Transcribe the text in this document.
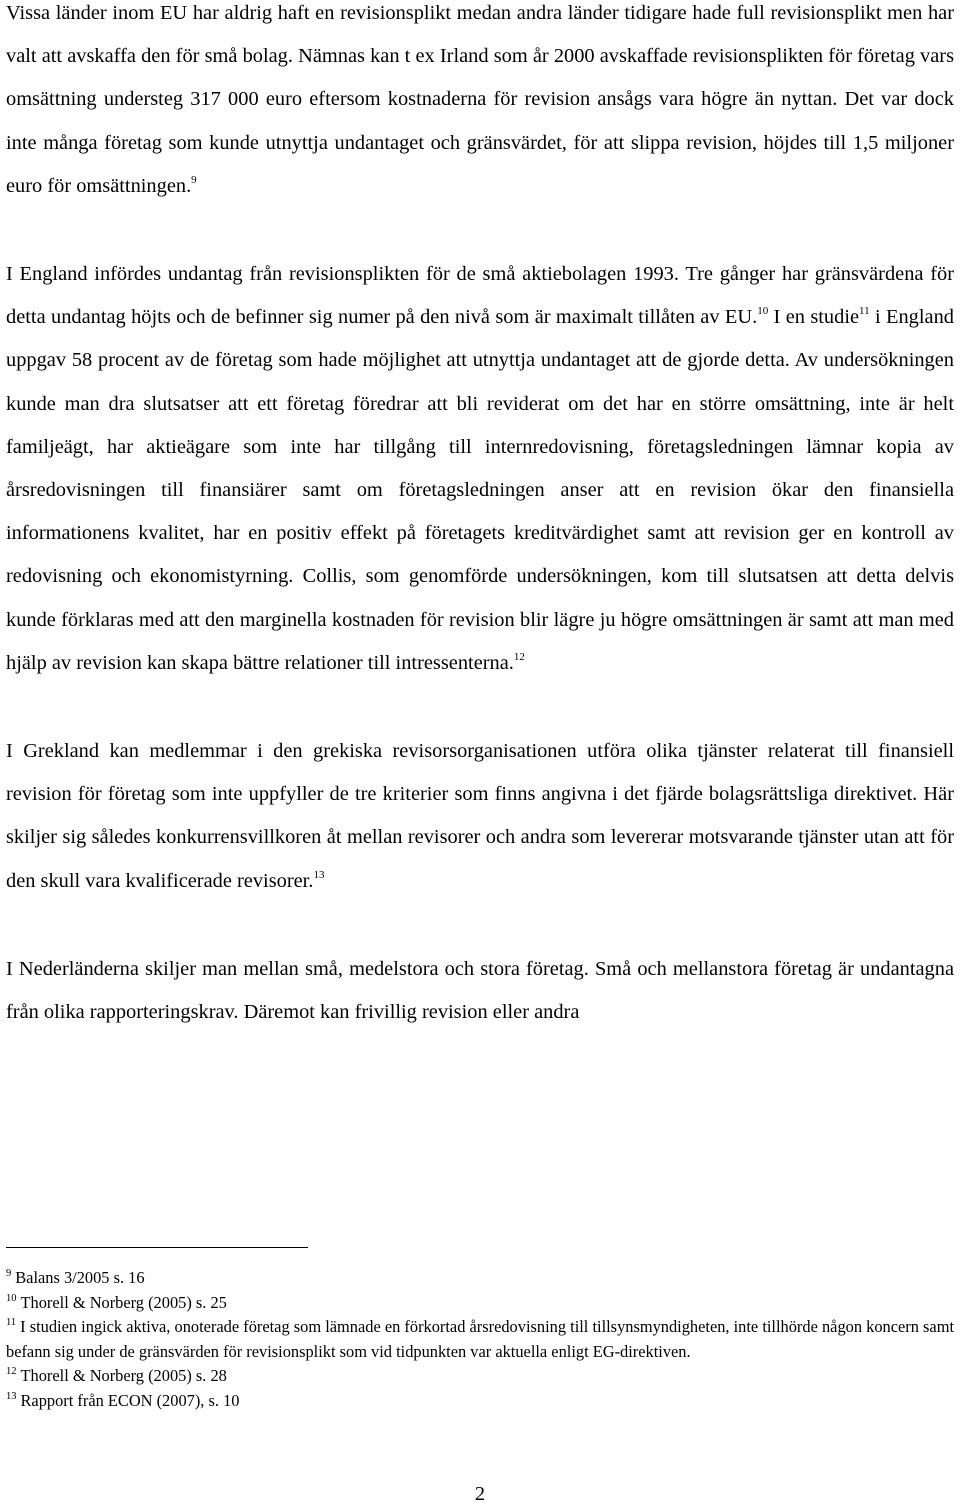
Vissa länder inom EU har aldrig haft en revisionsplikt medan andra länder tidigare hade full revisionsplikt men har valt att avskaffa den för små bolag. Nämnas kan t ex Irland som år 2000 avskaffade revisionsplikten för företag vars omsättning understeg 317 000 euro eftersom kostnaderna för revision ansågs vara högre än nyttan. Det var dock inte många företag som kunde utnyttja undantaget och gränsvärdet, för att slippa revision, höjdes till 1,5 miljoner euro för omsättningen.$^9$

I England infördes undantag från revisionsplikten för de små aktiebolagen 1993. Tre gånger har gränsvärdena för detta undantag höjts och de befinner sig numer på den nivå som är maximalt tillåten av EU.$^{10}$ I en studie$^{11}$ i England uppgav 58 procent av de företag som hade möjlighet att utnyttja undantaget att de gjorde detta. Av undersökningen kunde man dra slutsatser att ett företag föredrar att bli reviderat om det har en större omsättning, inte är helt familjeägt, har aktieägare som inte har tillgång till internredovisning, företagsledningen lämnar kopia av årsredovisningen till finansiärer samt om företagsledningen anser att en revision ökar den finansiella informationens kvalitet, har en positiv effekt på företagets kreditvärdighet samt att revision ger en kontroll av redovisning och ekonomistyrning. Collis, som genomförde undersökningen, kom till slutsatsen att detta delvis kunde förklaras med att den marginella kostnaden för revision blir lägre ju högre omsättningen är samt att man med hjälp av revision kan skapa bättre relationer till intressenterna.$^{12}$

I Grekland kan medlemmar i den grekiska revisorsorganisationen utföra olika tjänster relaterat till finansiell revision för företag som inte uppfyller de tre kriterier som finns angivna i det fjärde bolagsrättsliga direktivet. Här skiljer sig således konkurrensvillkoren åt mellan revisorer och andra som levererar motsvarande tjänster utan att för den skull vara kvalificerade revisorer.$^{13}$

I Nederländerna skiljer man mellan små, medelstora och stora företag. Små och mellanstora företag är undantagna från olika rapporteringskrav. Däremot kan frivillig revision eller andra

$^9$ Balans 3/2005 s. 16

$^{10}$ Thorell & Norberg (2005) s. 25

$^{11}$ I studien ingick aktiva, onoterade företag som lämnade en förkortad årsredovisning till tillsynsmyndigheten, inte tillhörde någon koncern samt befann sig under de gränsvärden för revisionsplikt som vid tidpunkten var aktuella enligt EG-direktiven.

$^{12}$ Thorell & Norberg (2005) s. 28

$^{13}$ Rapport från ECON (2007), s. 10

2
